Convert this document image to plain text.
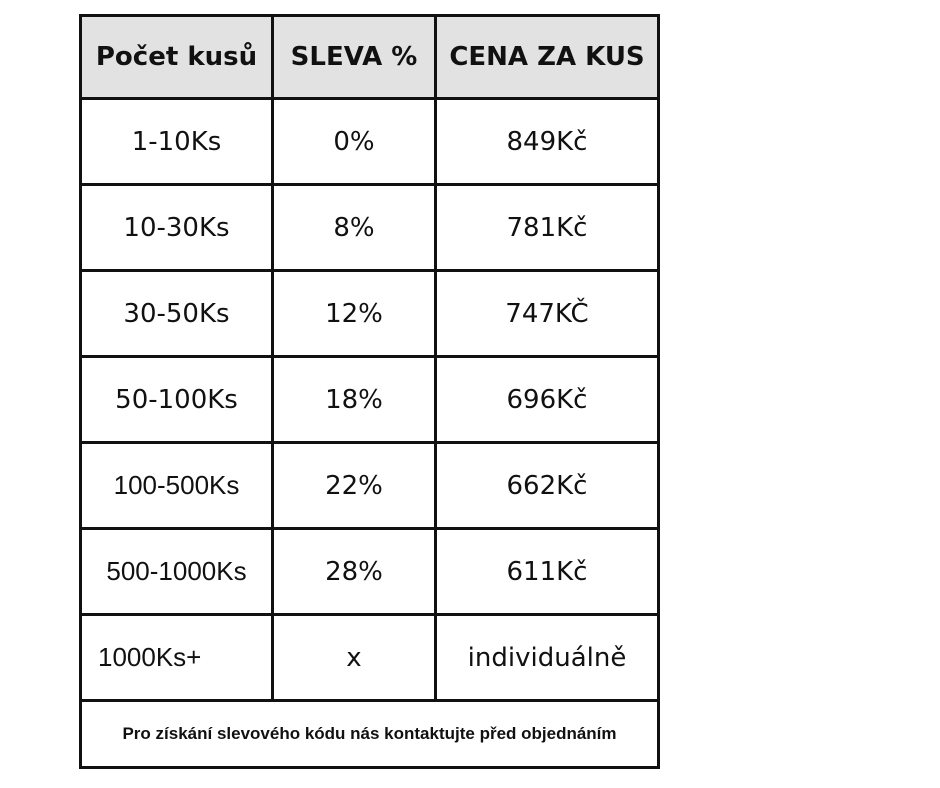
Počet kusů	SLEVA %	CENA ZA KUS
1-10Ks	0%	849Kč
10-30Ks	8%	781Kč
30-50Ks	12%	747KČ
50-100Ks	18%	696Kč
100-500Ks	22%	662Kč
500-1000Ks	28%	611Kč
1000Ks+	x	individuálně
Pro získání slevového kódu nás kontaktujte před objednáním		
